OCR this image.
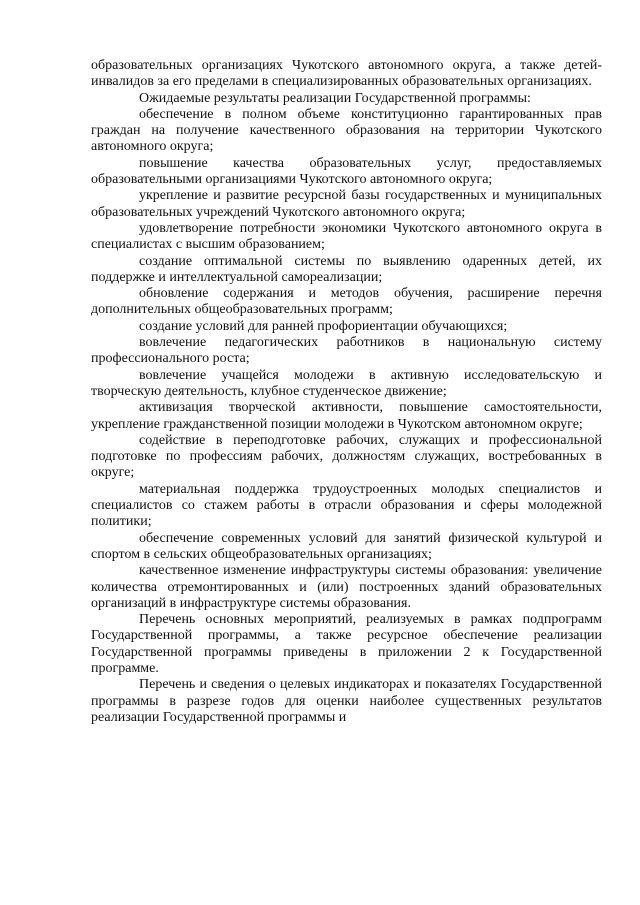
образовательных организациях Чукотского автономного округа, а также детей-инвалидов за его пределами в специализированных образовательных организациях.

Ожидаемые результаты реализации Государственной программы:

обеспечение в полном объеме конституционно гарантированных прав граждан на получение качественного образования на территории Чукотского автономного округа;

повышение качества образовательных услуг, предоставляемых образовательными организациями Чукотского автономного округа;

укрепление и развитие ресурсной базы государственных и муниципальных образовательных учреждений Чукотского автономного округа;

удовлетворение потребности экономики Чукотского автономного округа в специалистах с высшим образованием;

создание оптимальной системы по выявлению одаренных детей, их поддержке и интеллектуальной самореализации;

обновление содержания и методов обучения, расширение перечня дополнительных общеобразовательных программ;

создание условий для ранней профориентации обучающихся;

вовлечение педагогических работников в национальную систему профессионального роста;

вовлечение учащейся молодежи в активную исследовательскую и творческую деятельность, клубное студенческое движение;

активизация творческой активности, повышение самостоятельности, укрепление гражданственной позиции молодежи в Чукотском автономном округе;

содействие в переподготовке рабочих, служащих и профессиональной подготовке по профессиям рабочих, должностям служащих, востребованных в округе;

материальная поддержка трудоустроенных молодых специалистов и специалистов со стажем работы в отрасли образования и сферы молодежной политики;

обеспечение современных условий для занятий физической культурой и спортом в сельских общеобразовательных организациях;

качественное изменение инфраструктуры системы образования: увеличение количества отремонтированных и (или) построенных зданий образовательных организаций в инфраструктуре системы образования.

Перечень основных мероприятий, реализуемых в рамках подпрограмм Государственной программы, а также ресурсное обеспечение реализации Государственной программы приведены в приложении 2 к Государственной программе.

Перечень и сведения о целевых индикаторах и показателях Государственной программы в разрезе годов для оценки наиболее существенных результатов реализации Государственной программы и
